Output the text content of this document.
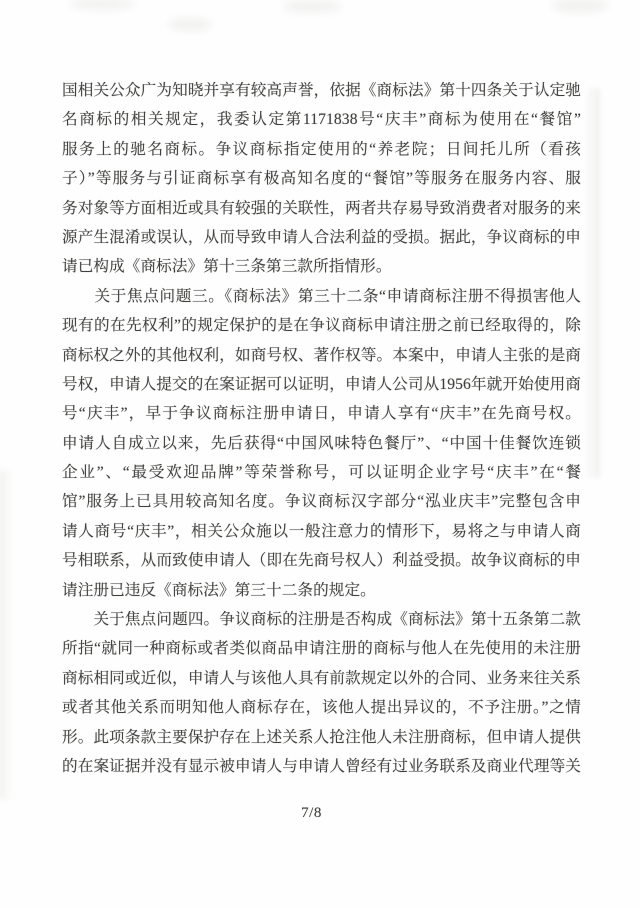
国相关公众广为知晓并享有较高声誉，依据《商标法》第十四条关于认定驰
名商标的相关规定，我委认定第1171838号“庆丰”商标为使用在“餐馆”
服务上的驰名商标。争议商标指定使用的“养老院；日间托儿所（看孩
子）”等服务与引证商标享有极高知名度的“餐馆”等服务在服务内容、服
务对象等方面相近或具有较强的关联性，两者共存易导致消费者对服务的来
源产生混淆或误认，从而导致申请人合法利益的受损。据此，争议商标的申
请已构成《商标法》第十三条第三款所指情形。
　　关于焦点问题三。《商标法》第三十二条“申请商标注册不得损害他人
现有的在先权利”的规定保护的是在争议商标申请注册之前已经取得的，除
商标权之外的其他权利，如商号权、著作权等。本案中，申请人主张的是商
号权，申请人提交的在案证据可以证明，申请人公司从1956年就开始使用商
号“庆丰”，早于争议商标注册申请日，申请人享有“庆丰”在先商号权。
申请人自成立以来，先后获得“中国风味特色餐厅”、“中国十佳餐饮连锁
企业”、“最受欢迎品牌”等荣誉称号，可以证明企业字号“庆丰”在“餐
馆”服务上已具用较高知名度。争议商标汉字部分“泓业庆丰”完整包含申
请人商号“庆丰”，相关公众施以一般注意力的情形下，易将之与申请人商
号相联系，从而致使申请人（即在先商号权人）利益受损。故争议商标的申
请注册已违反《商标法》第三十二条的规定。
　　关于焦点问题四。争议商标的注册是否构成《商标法》第十五条第二款
所指“就同一种商标或者类似商品申请注册的商标与他人在先使用的未注册
商标相同或近似，申请人与该他人具有前款规定以外的合同、业务来往关系
或者其他关系而明知他人商标存在，该他人提出异议的，不予注册。”之情
形。此项条款主要保护存在上述关系人抢注他人未注册商标，但申请人提供
的在案证据并没有显示被申请人与申请人曾经有过业务联系及商业代理等关
7/8
